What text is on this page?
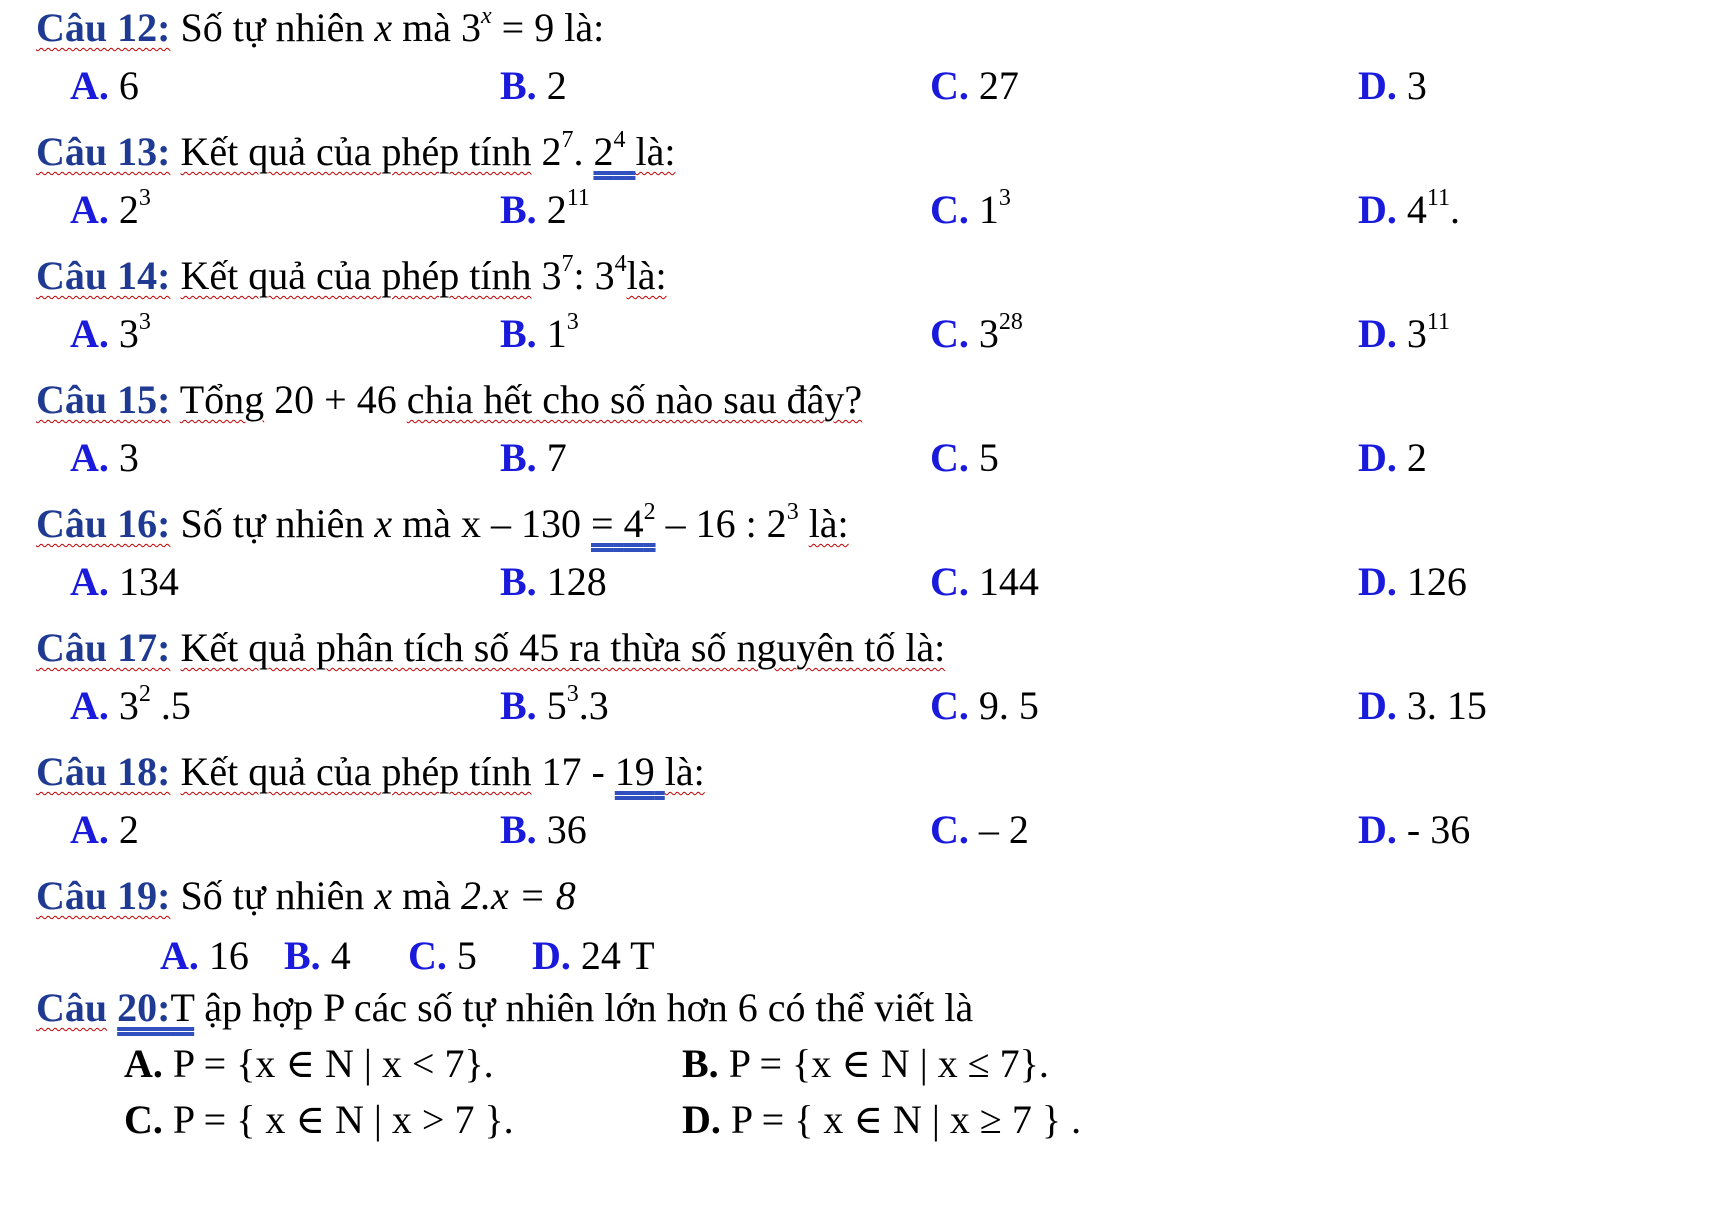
Câu 12: Số tự nhiên x mà $3^x = 9$ là:
A. 6	B. 2	C. 27	D. 3
Câu 13: Kết quả của phép tính $2^7$. $2^4$ là:
A. $2^3$	B. $2^{11}$	C. $1^3$	D. $4^{11}$.
Câu 14: Kết quả của phép tính $3^7$: $3^4là$:
A. $3^3$	B. $1^3$	C. $3^{28}$	D. $3^{11}$
Câu 15: Tổng 20 + 46 chia hết cho số nào sau đây?
A. 3	B. 7	C. 5	D. 2
Câu 16: Số tự nhiên x mà $x - 130 = 4^2 - 16$ : $2^3$ là:
A. 134	B. 128	C. 144	D. 126
Câu 17: Kết quả phân tích số 45 ra thừa số nguyên tố là:
A. $3^2$ .5	B. $5^3.3$	C. 9. 5	D. 3. 15
Câu 18: Kết quả của phép tính 17 - 19 là:
A. 2	B. 36	C. – 2	D. - 36
Câu 19: Số tự nhiên x mà 2.x = 8
A. 16 B. 4 C. 5 D. 24 T
Câu 20:T ập hợp P các số tự nhiên lớn hơn 6 có thể viết là
A. P = {x ∈ N | x < 7}.	B. P = {x ∈ N | x ≤ 7}.
C. P = { x ∈ N | x > 7 }.	D. P = { x ∈ N | x ≥ 7 } .
